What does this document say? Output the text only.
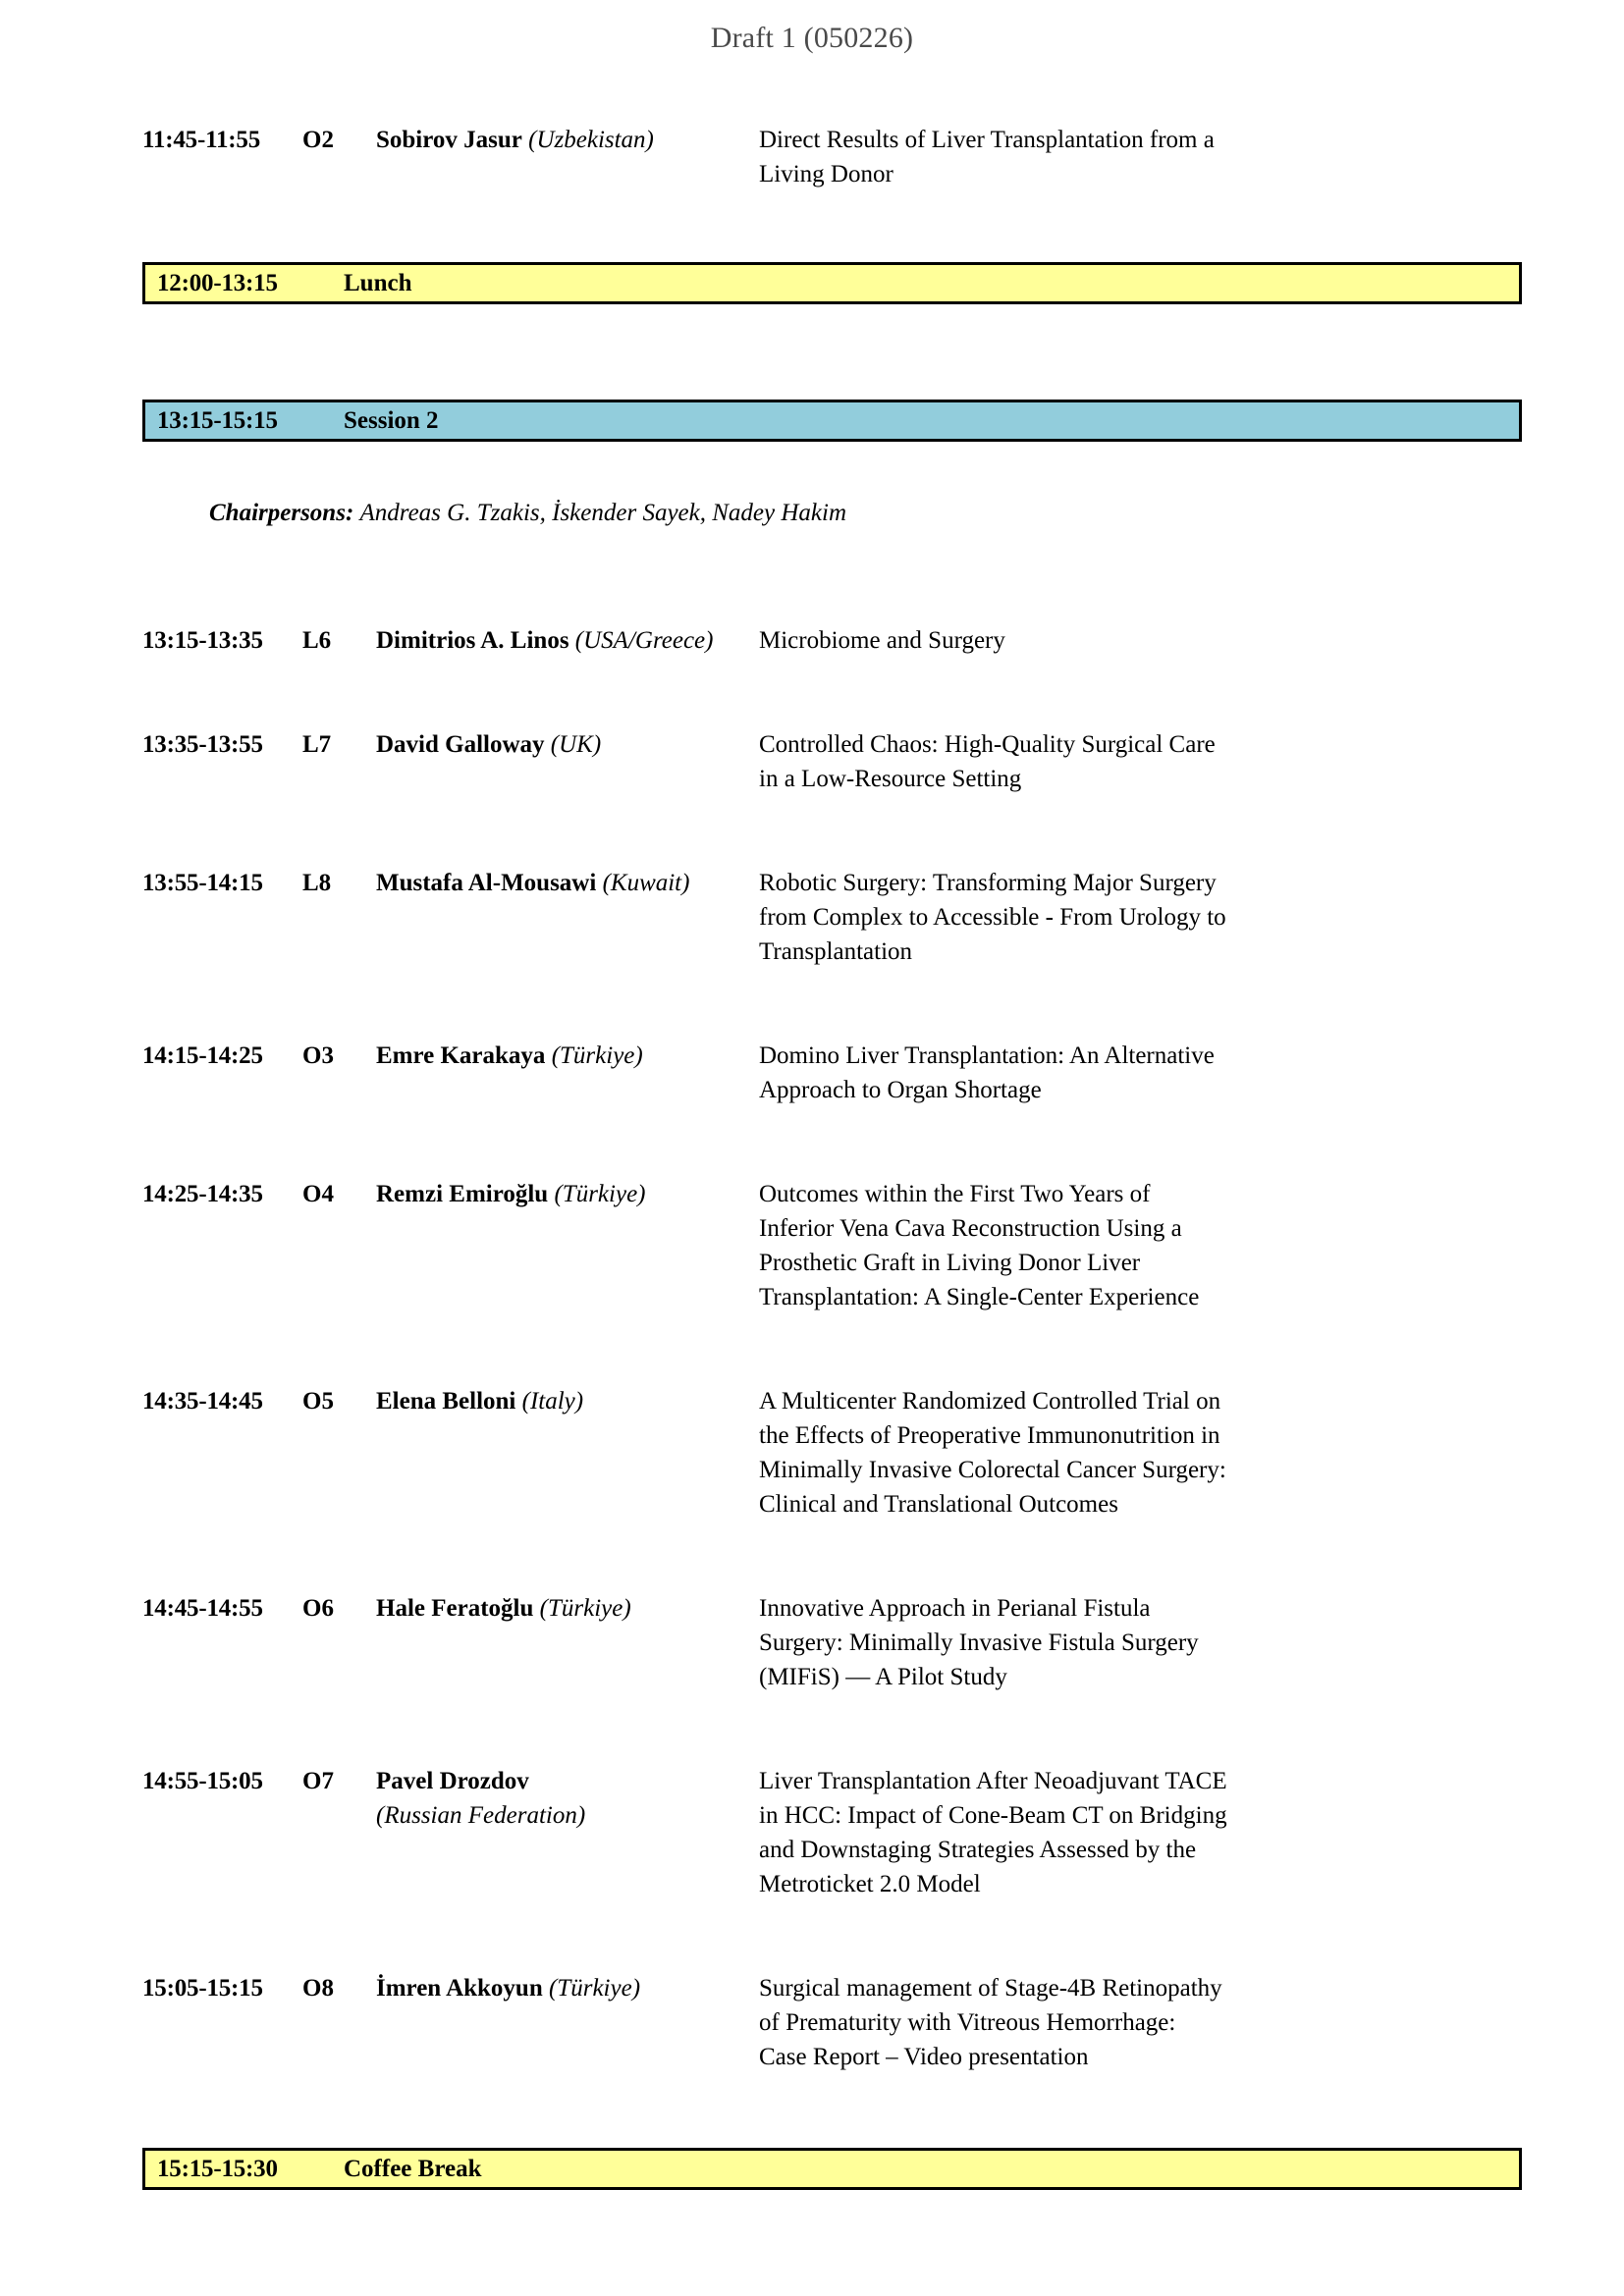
Draft 1 (050226)
11:45-11:55	O2	Sobirov Jasur (Uzbekistan)	Direct Results of Liver Transplantation from a
Living Donor
12:00-13:15	Lunch
13:15-15:15	Session 2
Chairpersons: Andreas G. Tzakis, İskender Sayek, Nadey Hakim
13:15-13:35	L6	Dimitrios A. Linos (USA/Greece)	Microbiome and Surgery
13:35-13:55	L7	David Galloway (UK)	Controlled Chaos: High-Quality Surgical Care
in a Low-Resource Setting
13:55-14:15	L8	Mustafa Al-Mousawi (Kuwait)	Robotic Surgery: Transforming Major Surgery
from Complex to Accessible - From Urology to
Transplantation
14:15-14:25	O3	Emre Karakaya (Türkiye)	Domino Liver Transplantation: An Alternative
Approach to Organ Shortage
14:25-14:35	O4	Remzi Emiroğlu (Türkiye)	Outcomes within the First Two Years of
Inferior Vena Cava Reconstruction Using a
Prosthetic Graft in Living Donor Liver
Transplantation: A Single-Center Experience
14:35-14:45	O5	Elena Belloni (Italy)	A Multicenter Randomized Controlled Trial on
the Effects of Preoperative Immunonutrition in
Minimally Invasive Colorectal Cancer Surgery:
Clinical and Translational Outcomes
14:45-14:55	O6	Hale Feratoğlu (Türkiye)	Innovative Approach in Perianal Fistula
Surgery: Minimally Invasive Fistula Surgery
(MIFiS) — A Pilot Study
14:55-15:05	O7	Pavel Drozdov
(Russian Federation)
Liver Transplantation After Neoadjuvant TACE
in HCC: Impact of Cone-Beam CT on Bridging
and Downstaging Strategies Assessed by the
Metroticket 2.0 Model
15:05-15:15	O8	İmren Akkoyun (Türkiye)	Surgical management of Stage-4B Retinopathy
of Prematurity with Vitreous Hemorrhage:
Case Report – Video presentation
15:15-15:30	Coffee Break
